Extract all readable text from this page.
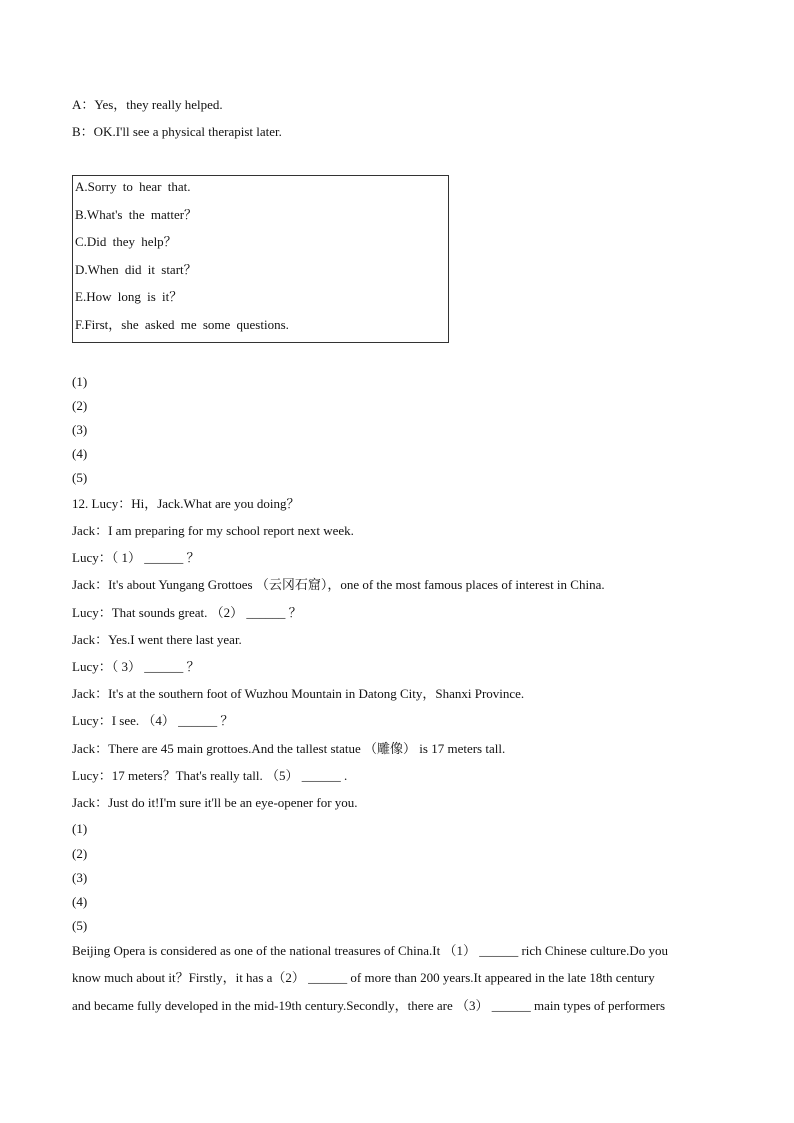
A：Yes，they really helped.
B：OK.I'll see a physical therapist later.
A.Sorry to hear that.
B.What's the matter？
C.Did they help？
D.When did it start？
E.How long is it？
F.First，she asked me some questions.
(1)
(2)
(3)
(4)
(5)
12. Lucy：Hi，Jack.What are you doing？
Jack：I am preparing for my school report next week.
Lucy：（ 1） ______ ？
Jack：It's about Yungang Grottoes （云冈石窟），one of the most famous places of interest in China.
Lucy：That sounds great. （2） ______ ？
Jack：Yes.I went there last year.
Lucy：（ 3） ______ ？
Jack：It's at the southern foot of Wuzhou Mountain in Datong City，Shanxi Province.
Lucy：I see. （4） ______ ？
Jack：There are 45 main grottoes.And the tallest statue （雕像） is 17 meters tall.
Lucy：17 meters？That's really tall. （5） ______ .
Jack：Just do it!I'm sure it'll be an eye-opener for you.
(1)
(2)
(3)
(4)
(5)
Beijing Opera is considered as one of the national treasures of China.It （1） ______ rich Chinese culture.Do you
know much about it？Firstly，it has a（2） ______ of more than 200 years.It appeared in the late 18th century
and became fully developed in the mid-19th century.Secondly，there are （3） ______ main types of performers
